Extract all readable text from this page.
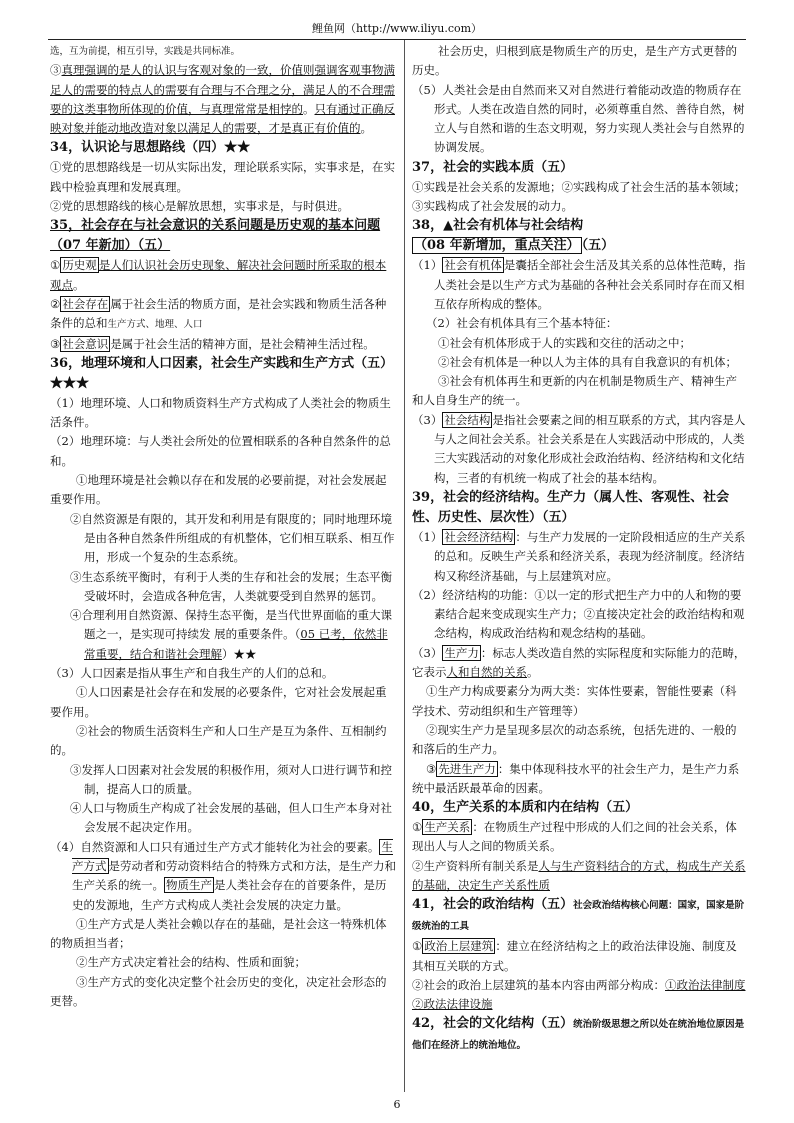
鲤鱼网（http://www.iliyu.com）

选，互为前提，相互引导，实践是共同标准。

③真理强调的是人的认识与客观对象的一致，价值则强调客观事物满足人的需要的特点人的需要有合理与不合理之分，满足人的不合理需要的这类事物所体现的价值，与真理常常是相悖的。只有通过正确反映对象并能动地改造对象以满足人的需要，才是真正有价值的。

34，认识论与思想路线（四）★★

①党的思想路线是一切从实际出发，理论联系实际，实事求是，在实践中检验真理和发展真理。

②党的思想路线的核心是解放思想，实事求是，与时俱进。

35，社会存在与社会意识的关系问题是历史观的基本问题（07 年新加）（五）

① 历史观 是人们认识社会历史现象、解决社会问题时所采取的根本观点。

② 社会存在 属于社会生活的物质方面，是社会实践和物质生活各种条件的总和生产方式、地理、人口

③ 社会意识 是属于社会生活的精神方面，是社会精神生活过程。

36，地理环境和人口因素，社会生产实践和生产方式（五）★★★

（1）地理环境、人口和物质资料生产方式构成了人类社会的物质生活条件。

（2）地理环境：与人类社会所处的位置相联系的各种自然条件的总和。

①地理环境是社会赖以存在和发展的必要前提，对社会发展起重要作用。

②自然资源是有限的，其开发和利用是有限度的；同时地理环境是由各种自然条件所组成的有机整体，它们相互联系、相互作用，形成一个复杂的生态系统。

③生态系统平衡时，有利于人类的生存和社会的发展；生态平衡受破坏时，会造成各种危害，人类就要受到自然界的惩罚。

④合理利用自然资源、保持生态平衡，是当代世界面临的重大课题之一，是实现可持续发 展的重要条件。（05 已考，依然非常重要，结合和谐社会理解）★★

（3）人口因素是指从事生产和自我生产的人们的总和。

①人口因素是社会存在和发展的必要条件，它对社会发展起重要作用。

②社会的物质生活资料生产和人口生产是互为条件、互相制约的。

③发挥人口因素对社会发展的积极作用，须对人口进行调节和控制，提高人口的质量。

④人口与物质生产构成了社会发展的基础，但人口生产本身对社会发展不起决定作用。

（4）自然资源和人口只有通过生产方式才能转化为社会的要素。 生产方式 是劳动者和劳动资料结合的特殊方式和方法，是生产力和生产关系的统一。 物质生产 是人类社会存在的首要条件，是历史的发源地，生产方式构成人类社会发展的决定力量。

①生产方式是人类社会赖以存在的基础，是社会这一特殊机体的物质担当者；

②生产方式决定着社会的结构、性质和面貌；

③生产方式的变化决定整个社会历史的变化，决定社会形态的更替。

社会历史，归根到底是物质生产的历史，是生产方式更替的历史。

（5）人类社会是由自然而来又对自然进行着能动改造的物质存在形式。人类在改造自然的同时，必须尊重自然、善待自然，树立人与自然和谐的生态文明观，努力实现人类社会与自然界的协调发展。

37，社会的实践本质（五）

①实践是社会关系的发源地；②实践构成了社会生活的基本领域；③实践构成了社会发展的动力。

38，▲社会有机体与社会结构（08 年新增加，重点关注） （五）

（1） 社会有机体 是囊括全部社会生活及其关系的总体性范畴，指人类社会是以生产方式为基础的各种社会关系同时存在而又相互依存所构成的整体。

（2）社会有机体具有三个基本特征：

①社会有机体形成于人的实践和交往的活动之中；

②社会有机体是一种以人为主体的具有自我意识的有机体；

③社会有机体再生和更新的内在机制是物质生产、精神生产和人自身生产的统一。

（3） 社会结构 是指社会要素之间的相互联系的方式，其内容是人与人之间社会关系。社会关系是在人实践活动中形成的，人类三大实践活动的对象化形成社会政治结构、经济结构和文化结构，三者的有机统一构成了社会的基本结构。

39，社会的经济结构。生产力（属人性、客观性、社会性、历史性、层次性）（五）

（1） 社会经济结构 ：与生产力发展的一定阶段相适应的生产关系的总和。反映生产关系和经济关系，表现为经济制度。经济结构又称经济基础，与上层建筑对应。

（2）经济结构的功能：①以一定的形式把生产力中的人和物的要素结合起来变成现实生产力；②直接决定社会的政治结构和观念结构，构成政治结构和观念结构的基础。

（3） 生产力 ：标志人类改造自然的实际程度和实际能力的范畴，它表示人和自然的关系。

①生产力构成要素分为两大类：实体性要素，智能性要素（科学技术、劳动组织和生产管理等）

②现实生产力是呈现多层次的动态系统，包括先进的、一般的和落后的生产力。

③ 先进生产力 ：集中体现科技水平的社会生产力，是生产力系统中最活跃最革命的因素。

40，生产关系的本质和内在结构（五）

① 生产关系 ：在物质生产过程中形成的人们之间的社会关系，体现出人与人之间的物质关系。

②生产资料所有制关系是人与生产资料结合的方式，构成生产关系的基础，决定生产关系性质

41，社会的政治结构（五）社会政治结构核心问题：国家，国家是阶级统治的工具

① 政治上层建筑 ：建立在经济结构之上的政治法律设施、制度及其相互关联的方式。

②社会的政治上层建筑的基本内容由两部分构成：①政治法律制度②政法法律设施

42，社会的文化结构（五）统治阶级思想之所以处在统治地位原因是他们在经济上的统治地位。

6
